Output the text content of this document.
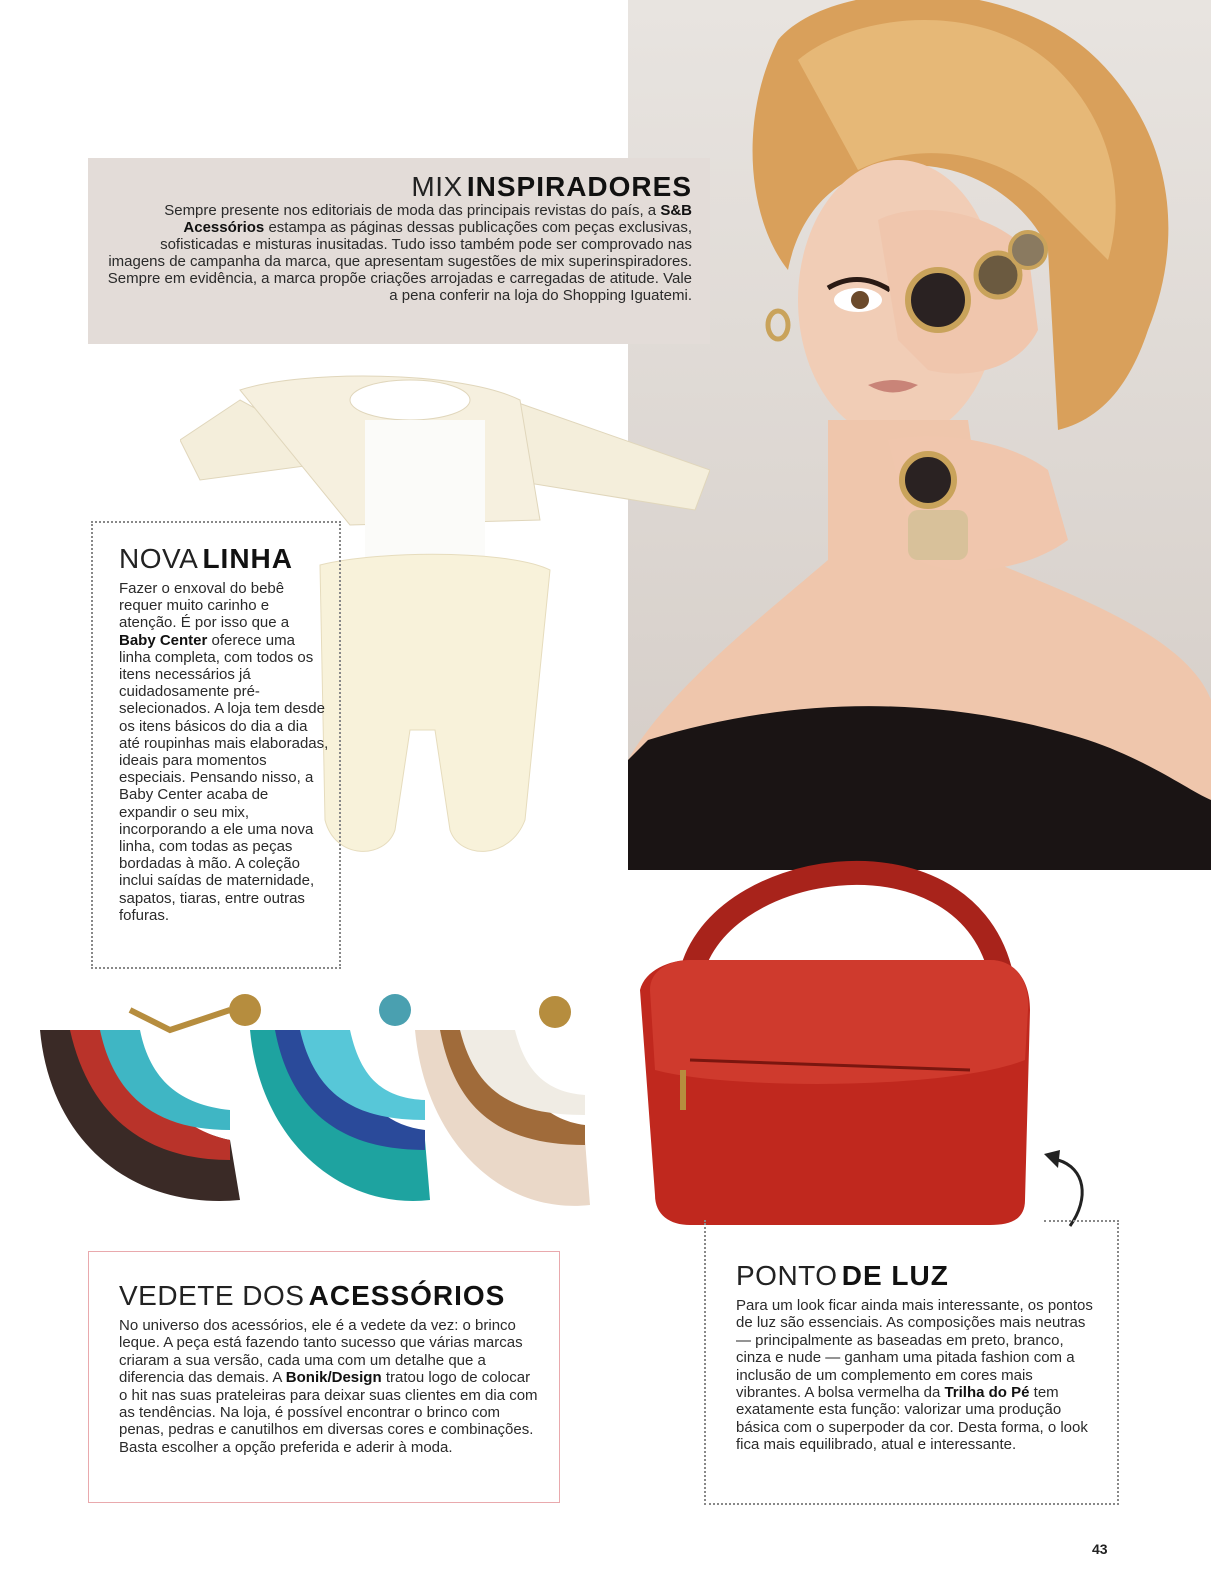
MIX INSPIRADORES
Sempre presente nos editoriais de moda das principais revistas do país, a S&B Acessórios estampa as páginas dessas publicações com peças exclusivas, sofisticadas e misturas inusitadas. Tudo isso também pode ser comprovado nas imagens de campanha da marca, que apresentam sugestões de mix superinspiradores. Sempre em evidência, a marca propõe criações arrojadas e carregadas de atitude. Vale a pena conferir na loja do Shopping Iguatemi.
NOVA LINHA
Fazer o enxoval do bebê requer muito carinho e atenção. É por isso que a Baby Center oferece uma linha completa, com todos os itens necessários já cuidadosamente pré-selecionados. A loja tem desde os itens básicos do dia a dia até roupinhas mais elaboradas, ideais para momentos especiais. Pensando nisso, a Baby Center acaba de expandir o seu mix, incorporando a ele uma nova linha, com todas as peças bordadas à mão. A coleção inclui saídas de maternidade, sapatos, tiaras, entre outras fofuras.
VEDETE DOS ACESSÓRIOS
No universo dos acessórios, ele é a vedete da vez: o brinco leque. A peça está fazendo tanto sucesso que várias marcas criaram a sua versão, cada uma com um detalhe que a diferencia das demais. A Bonik/Design tratou logo de colocar o hit nas suas prateleiras para deixar suas clientes em dia com as tendências. Na loja, é possível encontrar o brinco com penas, pedras e canutilhos em diversas cores e combinações. Basta escolher a opção preferida e aderir à moda.
PONTO DE LUZ
Para um look ficar ainda mais interessante, os pontos de luz são essenciais. As composições mais neutras — principalmente as baseadas em preto, branco, cinza e nude — ganham uma pitada fashion com a inclusão de um complemento em cores mais vibrantes. A bolsa vermelha da Trilha do Pé tem exatamente esta função: valorizar uma produção básica com o superpoder da cor. Desta forma, o look fica mais equilibrado, atual e interessante.
43
